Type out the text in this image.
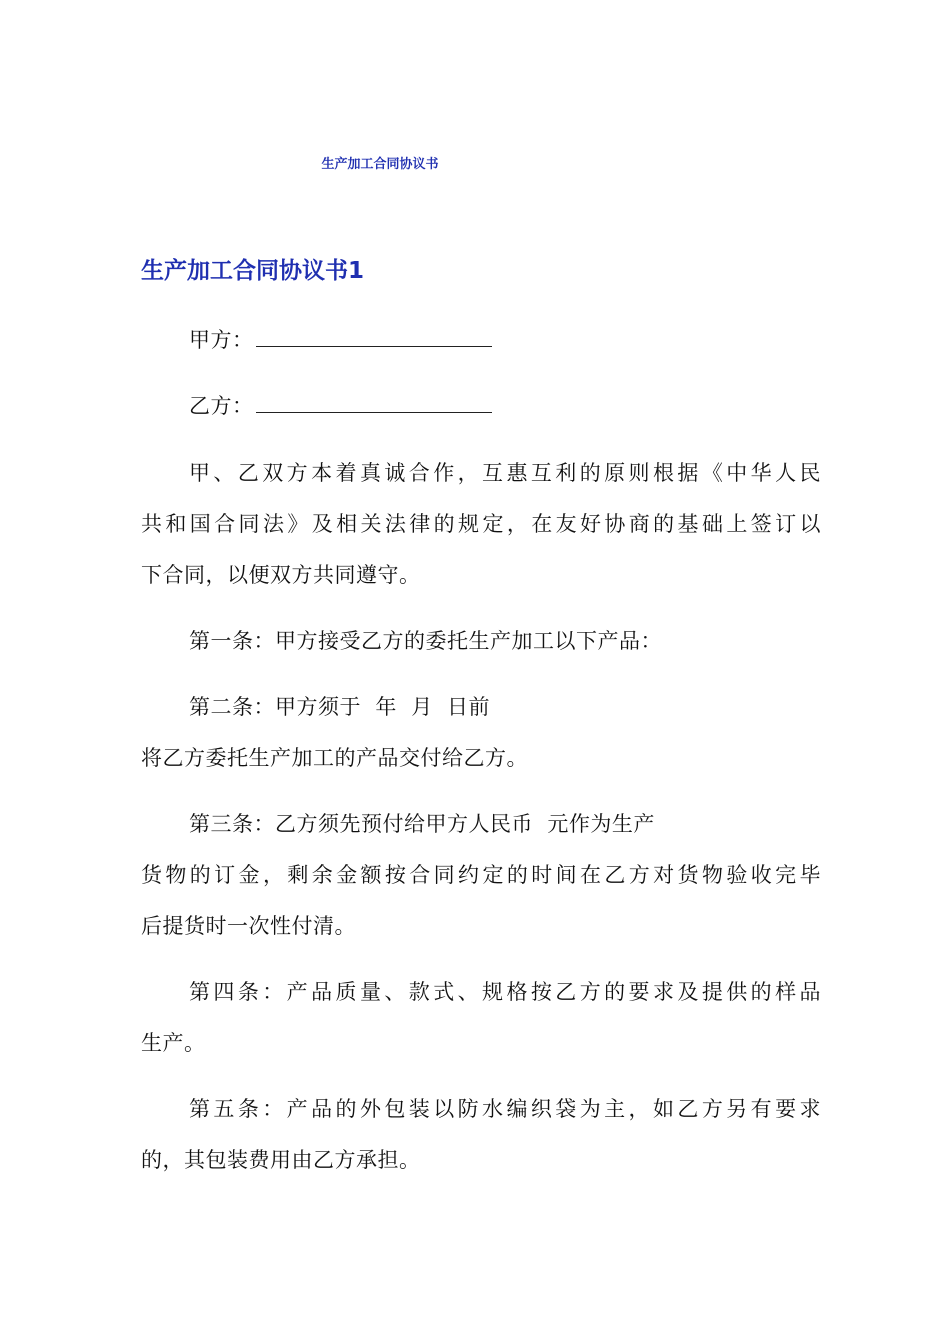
生产加工合同协议书
生产加工合同协议书1
甲方：
乙方：
甲、乙双方本着真诚合作，互惠互利的原则根据《中华人民
共和国合同法》及相关法律的规定，在友好协商的基础上签订以
下合同，以便双方共同遵守。
第一条：甲方接受乙方的委托生产加工以下产品：
第二条：甲方须于  年  月  日前
将乙方委托生产加工的产品交付给乙方。
第三条：乙方须先预付给甲方人民币  元作为生产
货物的订金，剩余金额按合同约定的时间在乙方对货物验收完毕
后提货时一次性付清。
第四条：产品质量、款式、规格按乙方的要求及提供的样品
生产。
第五条：产品的外包装以防水编织袋为主，如乙方另有要求
的，其包装费用由乙方承担。
